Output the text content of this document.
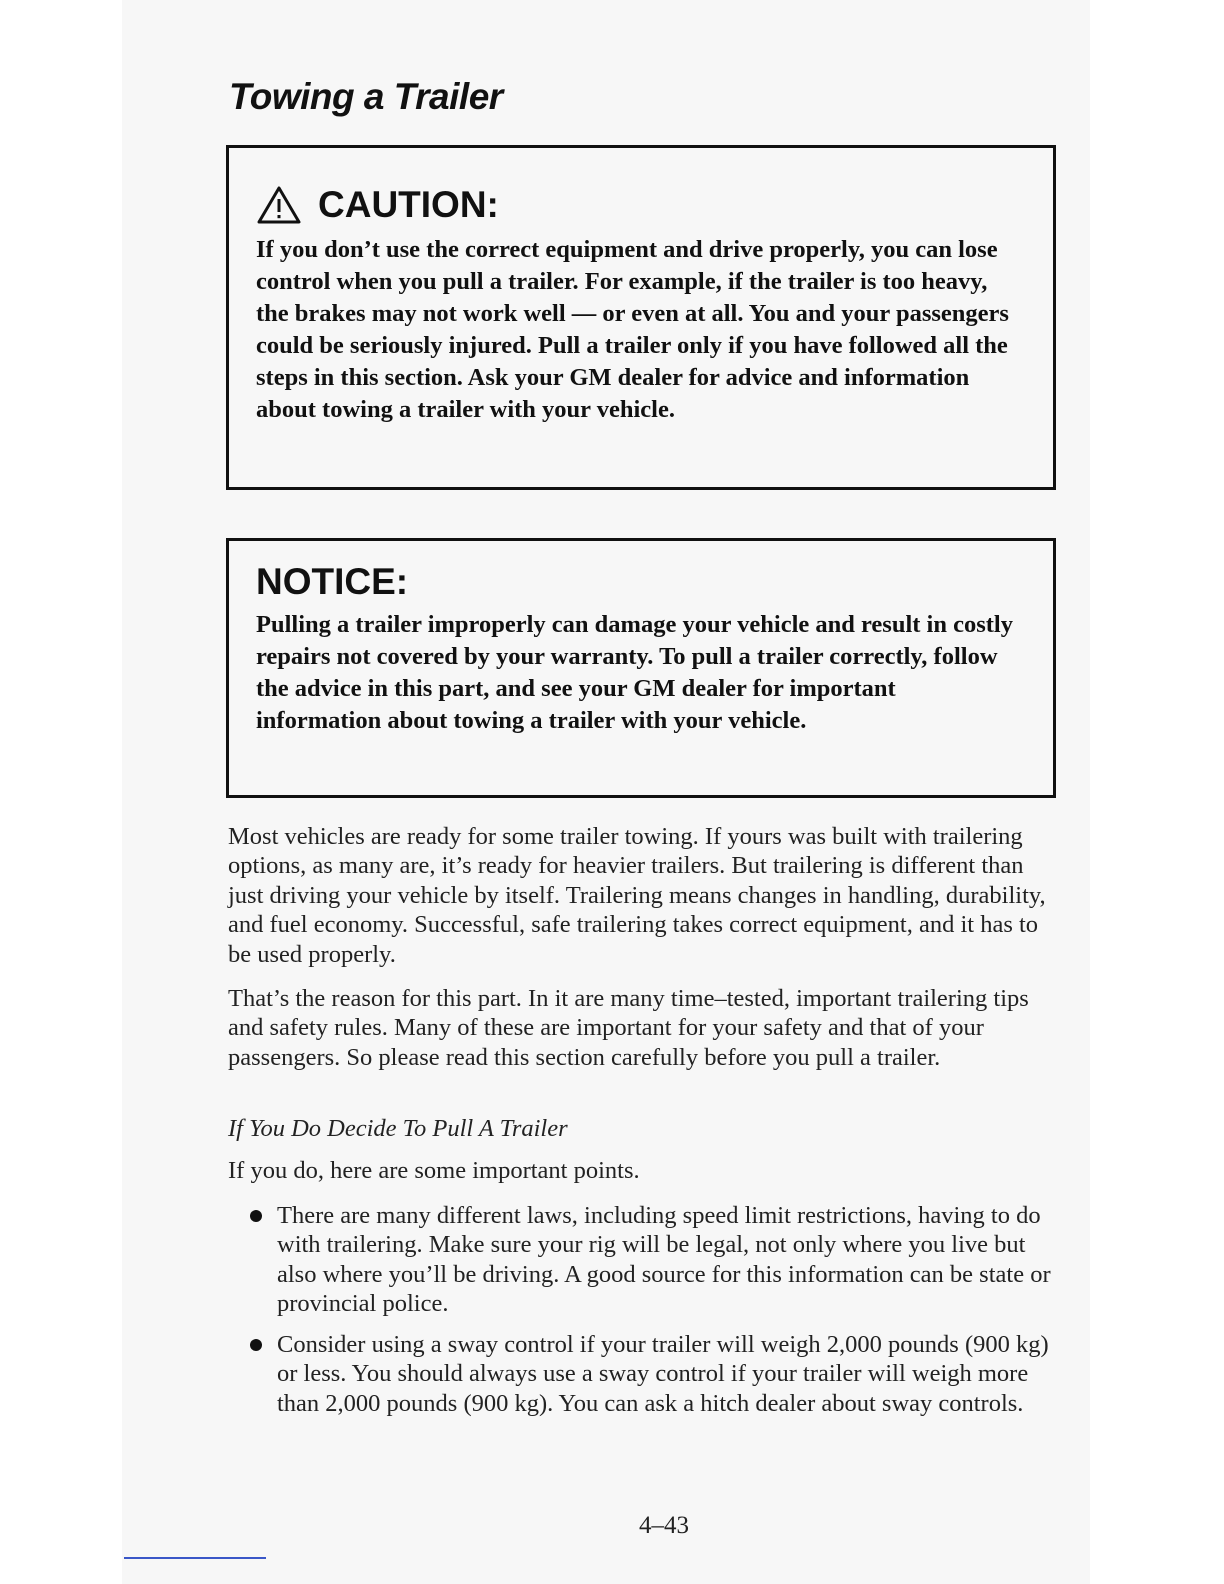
Towing a Trailer
CAUTION:

If you don’t use the correct equipment and drive properly, you can lose control when you pull a trailer. For example, if the trailer is too heavy, the brakes may not work well — or even at all. You and your passengers could be seriously injured. Pull a trailer only if you have followed all the steps in this section. Ask your GM dealer for advice and information about towing a trailer with your vehicle.

NOTICE:

Pulling a trailer improperly can damage your vehicle and result in costly repairs not covered by your warranty. To pull a trailer correctly, follow the advice in this part, and see your GM dealer for important information about towing a trailer with your vehicle.

Most vehicles are ready for some trailer towing. If yours was built with trailering options, as many are, it’s ready for heavier trailers. But trailering is different than just driving your vehicle by itself. Trailering means changes in handling, durability, and fuel economy. Successful, safe trailering takes correct equipment, and it has to be used properly.

That’s the reason for this part. In it are many time–tested, important trailering tips and safety rules. Many of these are important for your safety and that of your passengers. So please read this section carefully before you pull a trailer.

If You Do Decide To Pull A Trailer

If you do, here are some important points.

There are many different laws, including speed limit restrictions, having to do with trailering. Make sure your rig will be legal, not only where you live but also where you’ll be driving. A good source for this information can be state or provincial police.
Consider using a sway control if your trailer will weigh 2,000 pounds (900 kg) or less. You should always use a sway control if your trailer will weigh more than 2,000 pounds (900 kg). You can ask a hitch dealer about sway controls.
4–43
